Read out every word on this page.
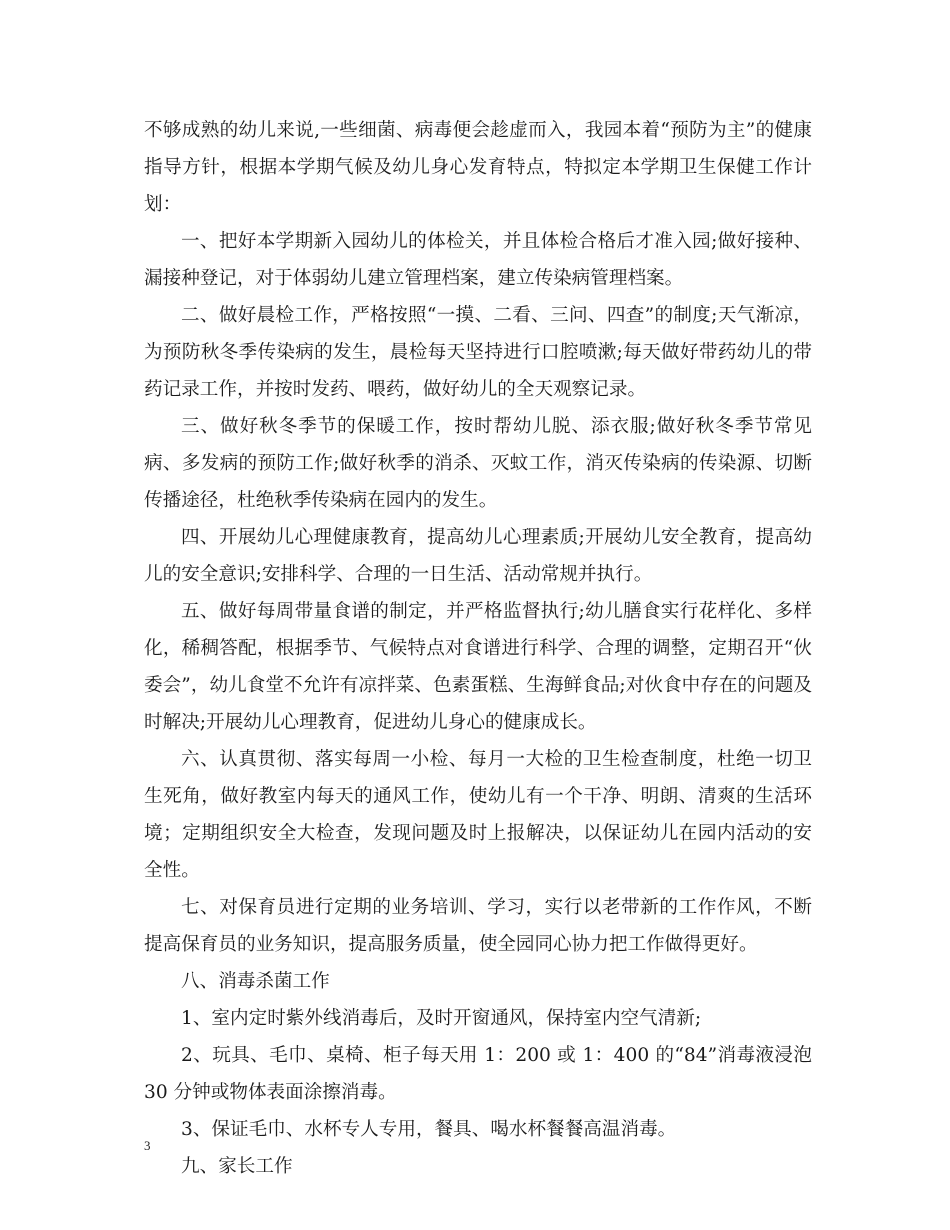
不够成熟的幼儿来说,一些细菌、病毒便会趁虚而入，我园本着“预防为主”的健康指导方针，根据本学期气候及幼儿身心发育特点，特拟定本学期卫生保健工作计划：

一、把好本学期新入园幼儿的体检关，并且体检合格后才准入园;做好接种、漏接种登记，对于体弱幼儿建立管理档案，建立传染病管理档案。

二、做好晨检工作，严格按照“一摸、二看、三问、四查”的制度;天气渐凉，为预防秋冬季传染病的发生，晨检每天坚持进行口腔喷漱;每天做好带药幼儿的带药记录工作，并按时发药、喂药，做好幼儿的全天观察记录。

三、做好秋冬季节的保暖工作，按时帮幼儿脱、添衣服;做好秋冬季节常见病、多发病的预防工作;做好秋季的消杀、灭蚊工作，消灭传染病的传染源、切断传播途径，杜绝秋季传染病在园内的发生。

四、开展幼儿心理健康教育，提高幼儿心理素质;开展幼儿安全教育，提高幼儿的安全意识;安排科学、合理的一日生活、活动常规并执行。

五、做好每周带量食谱的制定，并严格监督执行;幼儿膳食实行花样化、多样化，稀稠答配，根据季节、气候特点对食谱进行科学、合理的调整，定期召开“伙委会”，幼儿食堂不允许有凉拌菜、色素蛋糕、生海鲜食品;对伙食中存在的问题及时解决;开展幼儿心理教育，促进幼儿身心的健康成长。

六、认真贯彻、落实每周一小检、每月一大检的卫生检查制度，杜绝一切卫生死角，做好教室内每天的通风工作，使幼儿有一个干净、明朗、清爽的生活环境；定期组织安全大检查，发现问题及时上报解决，以保证幼儿在园内活动的安全性。

七、对保育员进行定期的业务培训、学习，实行以老带新的工作作风，不断提高保育员的业务知识，提高服务质量，使全园同心协力把工作做得更好。

八、消毒杀菌工作

1、室内定时紫外线消毒后，及时开窗通风，保持室内空气清新;

2、玩具、毛巾、桌椅、柜子每天用 1：200 或 1：400 的“84”消毒液浸泡 30 分钟或物体表面涂擦消毒。

3、保证毛巾、水杯专人专用，餐具、喝水杯餐餐高温消毒。

九、家长工作

3
